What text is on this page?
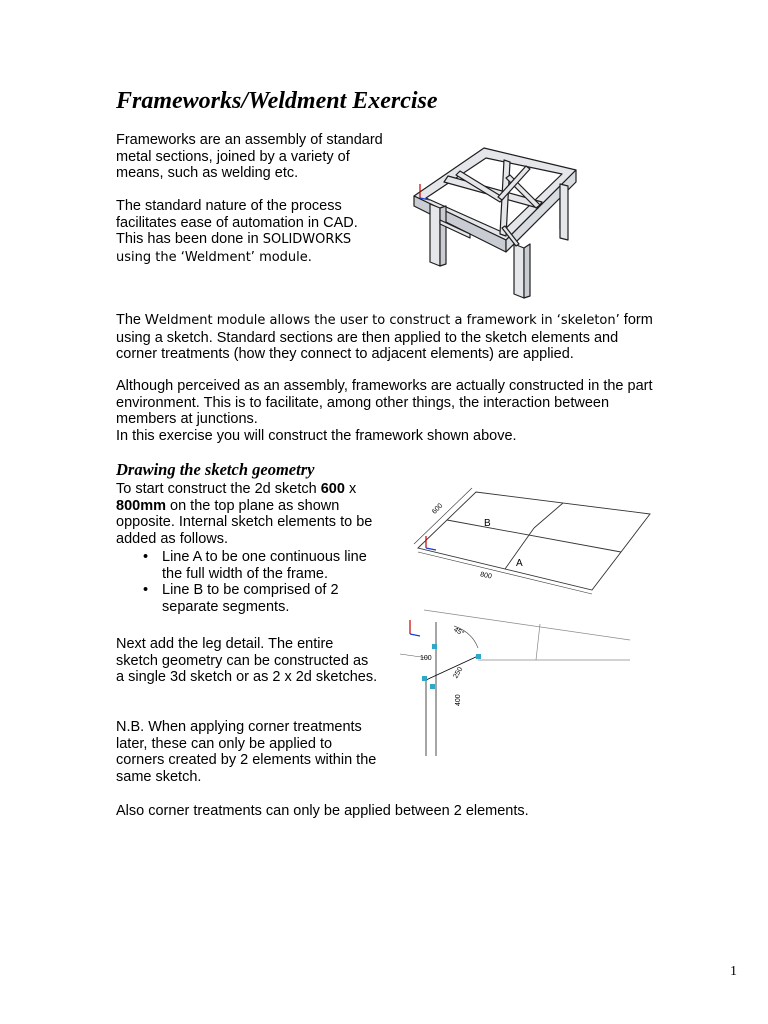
Frameworks/Weldment Exercise
Frameworks are an assembly of standard metal sections, joined by a variety of means, such as welding etc.
The standard nature of the process facilitates ease of automation in CAD. This has been done in SOLIDWORKS using the ‘Weldment’ module.
The Weldment module allows the user to construct a framework in ‘skeleton’ form using a sketch. Standard sections are then applied to the sketch elements and corner treatments (how they connect to adjacent elements) are applied.
Although perceived as an assembly, frameworks are actually constructed in the part environment. This is to facilitate, among other things, the interaction between members at junctions.
In this exercise you will construct the framework shown above.
Drawing the sketch geometry
To start construct the 2d sketch 600 x 800mm on the top plane as shown opposite. Internal sketch elements to be added as follows.
• Line A to be one continuous line the full width of the frame.
• Line B to be comprised of 2 separate segments.
Next add the leg detail. The entire sketch geometry can be constructed as a single 3d sketch or as 2 x 2d sketches.
N.B. When applying corner treatments later, these can only be applied to corners created by 2 elements within the same sketch.
Also corner treatments can only be applied between 2 elements.
B
A
600
800
45°
100
250
400
1
